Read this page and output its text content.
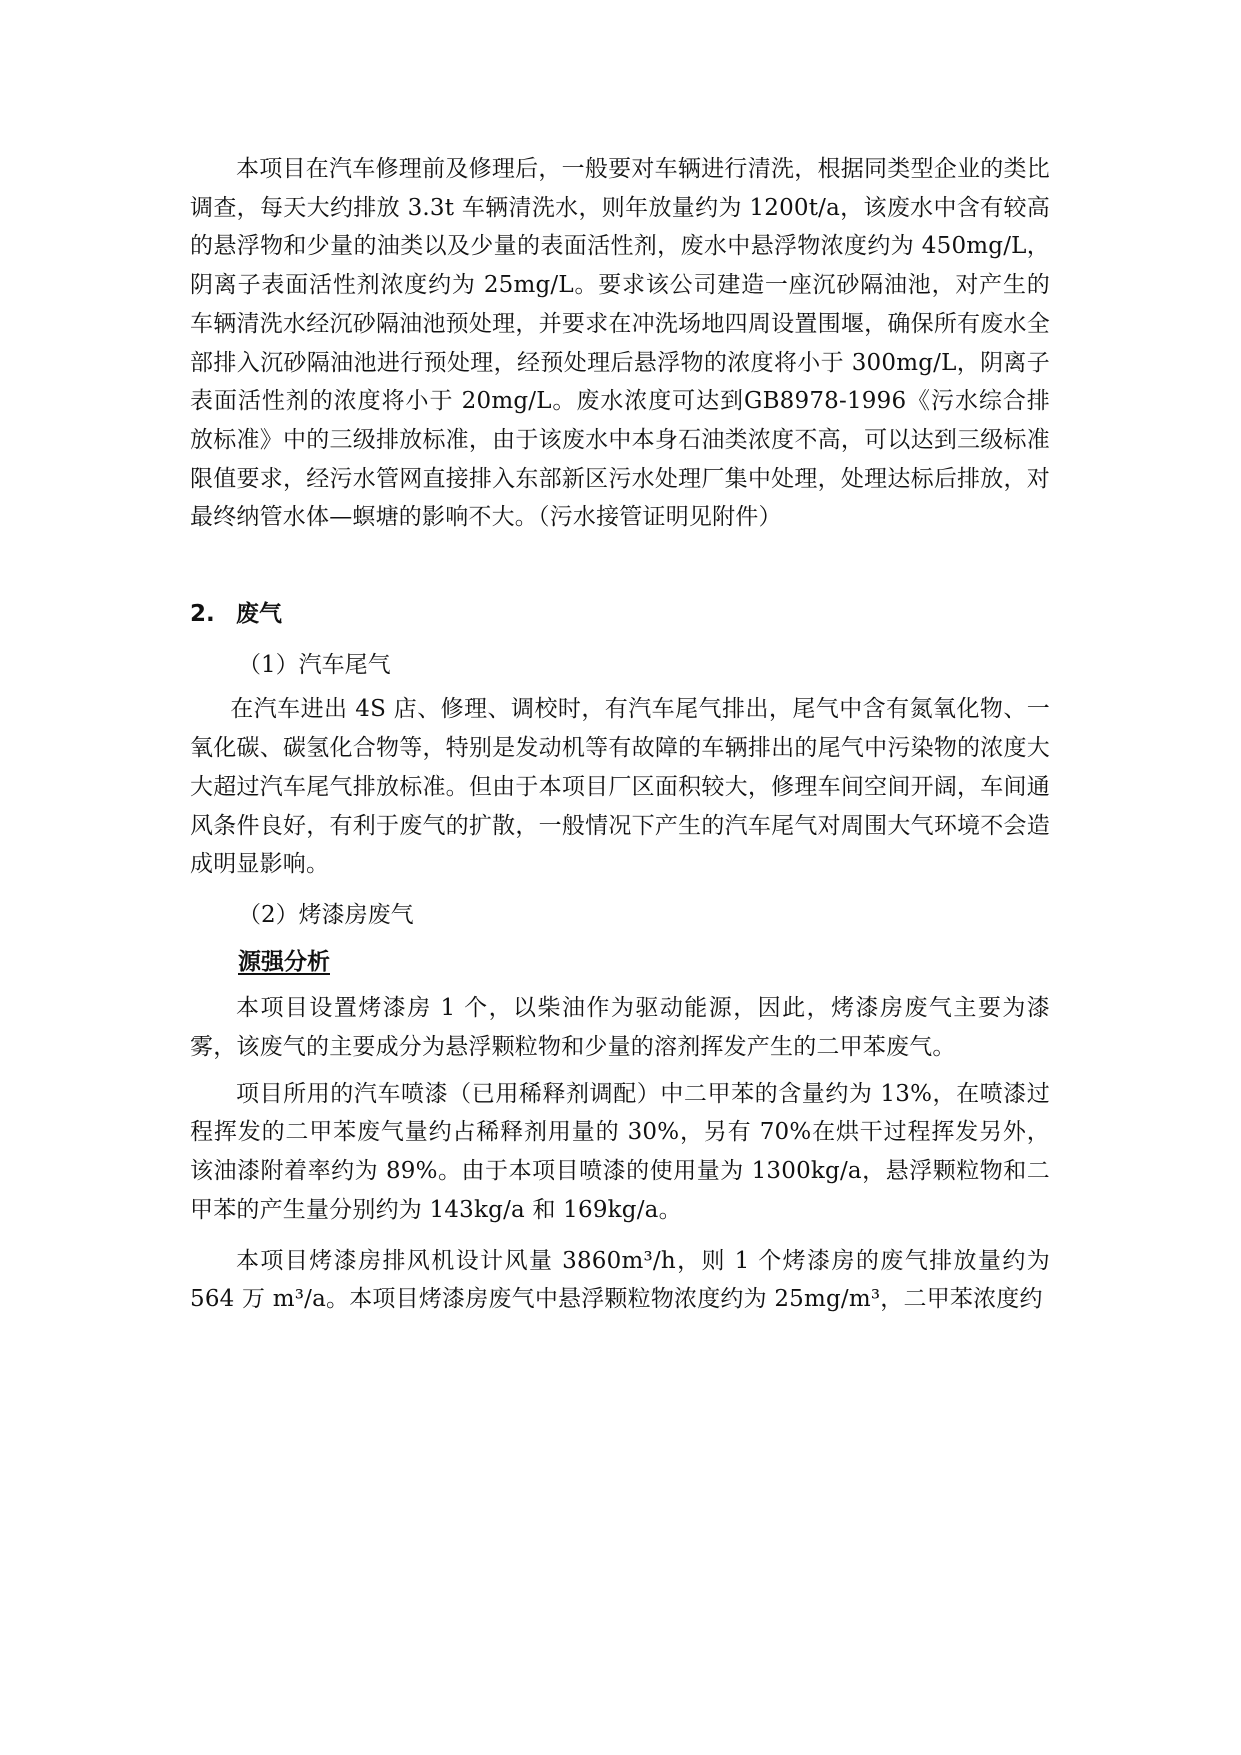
本项目在汽车修理前及修理后，一般要对车辆进行清洗，根据同类型企业的类比调查，每天大约排放 3.3t 车辆清洗水，则年放量约为 1200t/a，该废水中含有较高的悬浮物和少量的油类以及少量的表面活性剂，废水中悬浮物浓度约为 450mg/L，阴离子表面活性剂浓度约为 25mg/L。要求该公司建造一座沉砂隔油池，对产生的车辆清洗水经沉砂隔油池预处理，并要求在冲洗场地四周设置围堰，确保所有废水全部排入沉砂隔油池进行预处理，经预处理后悬浮物的浓度将小于 300mg/L，阴离子表面活性剂的浓度将小于 20mg/L。废水浓度可达到GB8978-1996《污水综合排放标准》中的三级排放标准，由于该废水中本身石油类浓度不高，可以达到三级标准限值要求，经污水管网直接排入东部新区污水处理厂集中处理，处理达标后排放，对最终纳管水体—螟塘的影响不大。（污水接管证明见附件）

2. 废气
（1）汽车尾气

在汽车进出 4S 店、修理、调校时，有汽车尾气排出，尾气中含有氮氧化物、一氧化碳、碳氢化合物等，特别是发动机等有故障的车辆排出的尾气中污染物的浓度大大超过汽车尾气排放标准。但由于本项目厂区面积较大，修理车间空间开阔，车间通风条件良好，有利于废气的扩散，一般情况下产生的汽车尾气对周围大气环境不会造成明显影响。

（2）烤漆房废气
源强分析

本项目设置烤漆房 1 个，以柴油作为驱动能源，因此，烤漆房废气主要为漆雾，该废气的主要成分为悬浮颗粒物和少量的溶剂挥发产生的二甲苯废气。

项目所用的汽车喷漆（已用稀释剂调配）中二甲苯的含量约为 13%，在喷漆过程挥发的二甲苯废气量约占稀释剂用量的 30%，另有 70%在烘干过程挥发另外，该油漆附着率约为 89%。由于本项目喷漆的使用量为 1300kg/a，悬浮颗粒物和二甲苯的产生量分别约为 143kg/a 和 169kg/a。

本项目烤漆房排风机设计风量 3860m³/h，则 1 个烤漆房的废气排放量约为 564 万 m³/a。本项目烤漆房废气中悬浮颗粒物浓度约为 25mg/m³，二甲苯浓度约
